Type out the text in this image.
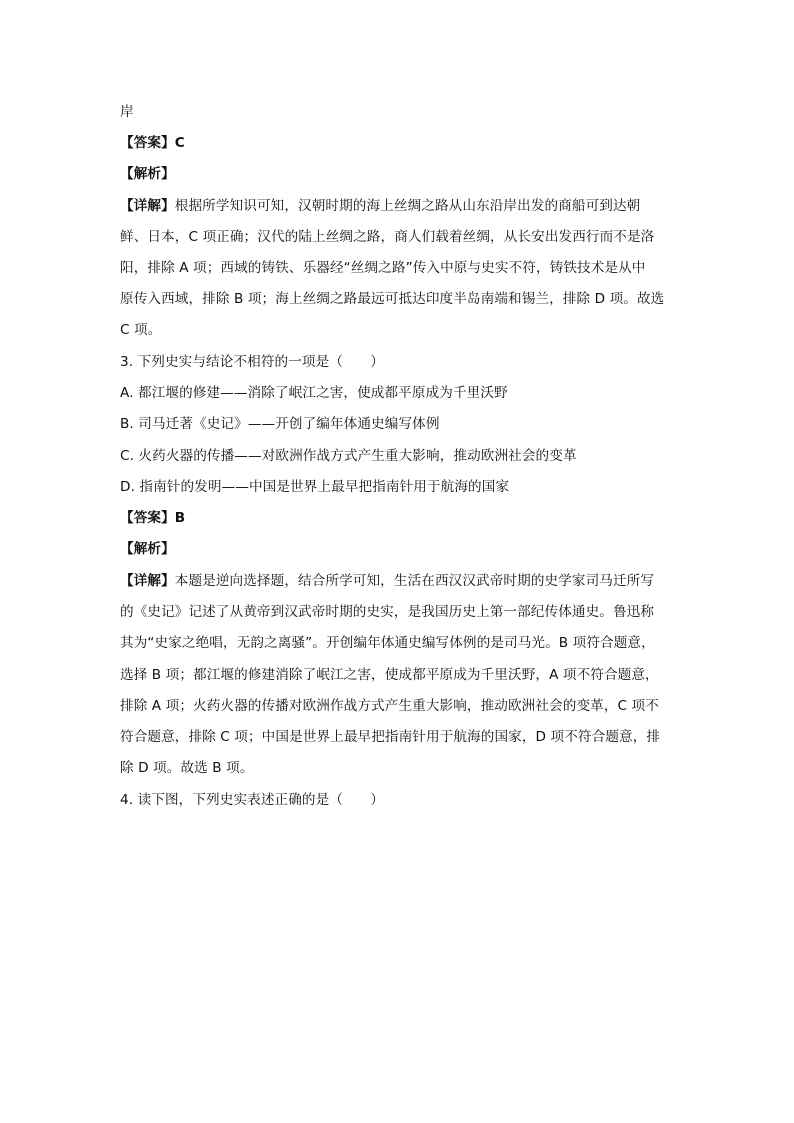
岸
【答案】C
【解析】
【详解】根据所学知识可知，汉朝时期的海上丝绸之路从山东沿岸出发的商船可到达朝
鲜、日本，C 项正确；汉代的陆上丝绸之路，商人们载着丝绸，从长安出发西行而不是洛
阳，排除 A 项；西域的铸铁、乐器经“丝绸之路”传入中原与史实不符，铸铁技术是从中
原传入西域，排除 B 项；海上丝绸之路最远可抵达印度半岛南端和锡兰，排除 D 项。故选
C 项。
3. 下列史实与结论不相符的一项是（　　）
A. 都江堰的修建——消除了岷江之害，使成都平原成为千里沃野
B. 司马迁著《史记》——开创了编年体通史编写体例
C. 火药火器的传播——对欧洲作战方式产生重大影响，推动欧洲社会的变革
D. 指南针的发明——中国是世界上最早把指南针用于航海的国家
【答案】B
【解析】
【详解】本题是逆向选择题，结合所学可知，生活在西汉汉武帝时期的史学家司马迁所写
的《史记》记述了从黄帝到汉武帝时期的史实，是我国历史上第一部纪传体通史。鲁迅称
其为“史家之绝唱，无韵之离骚”。开创编年体通史编写体例的是司马光。B 项符合题意，
选择 B 项；都江堰的修建消除了岷江之害，使成都平原成为千里沃野，A 项不符合题意，
排除 A 项；火药火器的传播对欧洲作战方式产生重大影响，推动欧洲社会的变革，C 项不
符合题意，排除 C 项；中国是世界上最早把指南针用于航海的国家，D 项不符合题意，排
除 D 项。故选 B 项。
4. 读下图，下列史实表述正确的是（　　）
